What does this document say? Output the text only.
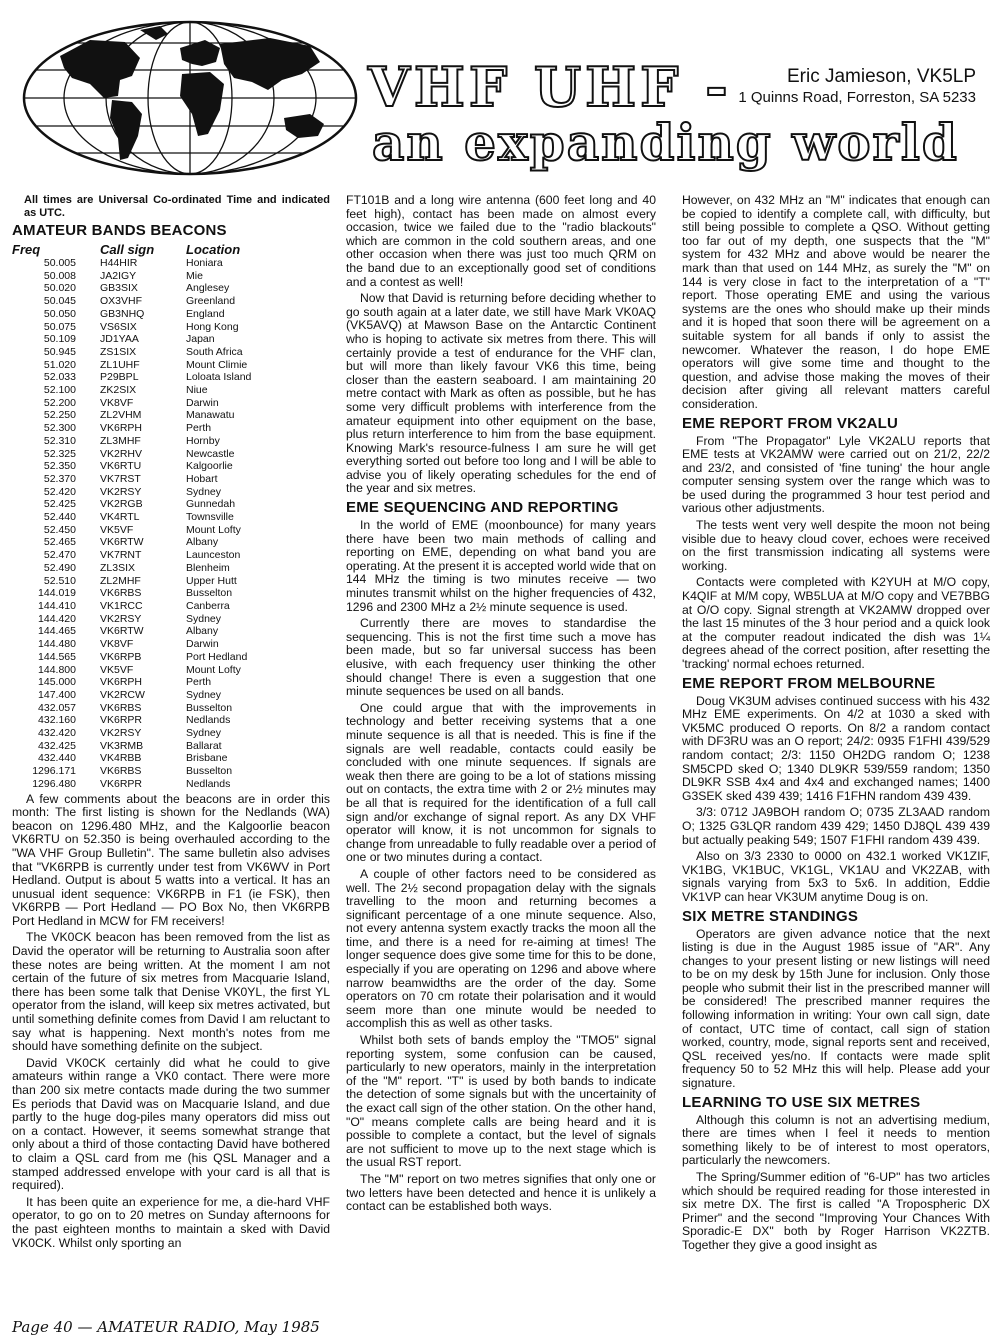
VHF UHF -
an expanding world
Eric Jamieson, VK5LP
1 Quinns Road, Forreston, SA 5233
All times are Universal Co-ordinated Time and indicated as UTC.
AMATEUR BANDS BEACONS
Freq	Call sign	Location
50.005	H44HIR	Honiara
50.008	JA2IGY	Mie
50.020	GB3SIX	Anglesey
50.045	OX3VHF	Greenland
50.050	GB3NHQ	England
50.075	VS6SIX	Hong Kong
50.109	JD1YAA	Japan
50.945	ZS1SIX	South Africa
51.020	ZL1UHF	Mount Climie
52.033	P29BPL	Loloata Island
52.100	ZK2SIX	Niue
52.200	VK8VF	Darwin
52.250	ZL2VHM	Manawatu
52.300	VK6RPH	Perth
52.310	ZL3MHF	Hornby
52.325	VK2RHV	Newcastle
52.350	VK6RTU	Kalgoorlie
52.370	VK7RST	Hobart
52.420	VK2RSY	Sydney
52.425	VK2RGB	Gunnedah
52.440	VK4RTL	Townsville
52.450	VK5VF	Mount Lofty
52.465	VK6RTW	Albany
52.470	VK7RNT	Launceston
52.490	ZL3SIX	Blenheim
52.510	ZL2MHF	Upper Hutt
144.019	VK6RBS	Busselton
144.410	VK1RCC	Canberra
144.420	VK2RSY	Sydney
144.465	VK6RTW	Albany
144.480	VK8VF	Darwin
144.565	VK6RPB	Port Hedland
144.800	VK5VF	Mount Lofty
145.000	VK6RPH	Perth
147.400	VK2RCW	Sydney
432.057	VK6RBS	Busselton
432.160	VK6RPR	Nedlands
432.420	VK2RSY	Sydney
432.425	VK3RMB	Ballarat
432.440	VK4RBB	Brisbane
1296.171	VK6RBS	Busselton
1296.480	VK6RPR	Nedlands

A few comments about the beacons are in order this month: The first listing is shown for the Nedlands (WA) beacon on 1296.480 MHz, and the Kalgoorlie beacon VK6RTU on 52.350 is being overhauled according to the "WA VHF Group Bulletin". The same bulletin also advises that "VK6RPB is currently under test from VK6WV in Port Hedland. Output is about 5 watts into a vertical. It has an unusual ident sequence: VK6RPB in F1 (ie FSK), then VK6RPB — Port Hedland — PO Box No, then VK6RPB Port Hedland in MCW for FM receivers!

The VK0CK beacon has been removed from the list as David the operator will be returning to Australia soon after these notes are being written. At the moment I am not certain of the future of six metres from Macquarie Island, there has been some talk that Denise VK0YL, the first YL operator from the island, will keep six metres activated, but until something definite comes from David I am reluctant to say what is happening. Next month's notes from me should have something definite on the subject.

David VK0CK certainly did what he could to give amateurs within range a VK0 contact. There were more than 200 six metre contacts made during the two summer Es periods that David was on Macquarie Island, and due partly to the huge dog-piles many operators did miss out on a contact. However, it seems somewhat strange that only about a third of those contacting David have bothered to claim a QSL card from me (his QSL Manager and a stamped addressed envelope with your card is all that is required).

It has been quite an experience for me, a die-hard VHF operator, to go on to 20 metres on Sunday afternoons for the past eighteen months to maintain a sked with David VK0CK. Whilst only sporting an

FT101B and a long wire antenna (600 feet long and 40 feet high), contact has been made on almost every occasion, twice we failed due to the "radio blackouts" which are common in the cold southern areas, and one other occasion when there was just too much QRM on the band due to an exceptionally good set of conditions and a contest as well!

Now that David is returning before deciding whether to go south again at a later date, we still have Mark VK0AQ (VK5AVQ) at Mawson Base on the Antarctic Continent who is hoping to activate six metres from there. This will certainly provide a test of endurance for the VHF clan, but will more than likely favour VK6 this time, being closer than the eastern seaboard. I am maintaining 20 metre contact with Mark as often as possible, but he has some very difficult problems with interference from the amateur equipment into other equipment on the base, plus return interference to him from the base equipment. Knowing Mark's resource-fulness I am sure he will get everything sorted out before too long and I will be able to advise you of likely operating schedules for the end of the year and six metres.

EME SEQUENCING AND REPORTING

In the world of EME (moonbounce) for many years there have been two main methods of calling and reporting on EME, depending on what band you are operating. At the present it is accepted world wide that on 144 MHz the timing is two minutes receive — two minutes transmit whilst on the higher frequencies of 432, 1296 and 2300 MHz a 2½ minute sequence is used.

Currently there are moves to standardise the sequencing. This is not the first time such a move has been made, but so far universal success has been elusive, with each frequency user thinking the other should change! There is even a suggestion that one minute sequences be used on all bands.

One could argue that with the improvements in technology and better receiving systems that a one minute sequence is all that is needed. This is fine if the signals are well readable, contacts could easily be concluded with one minute sequences. If signals are weak then there are going to be a lot of stations missing out on contacts, the extra time with 2 or 2½ minutes may be all that is required for the identification of a full call sign and/or exchange of signal report. As any DX VHF operator will know, it is not uncommon for signals to change from unreadable to fully readable over a period of one or two minutes during a contact.

A couple of other factors need to be considered as well. The 2½ second propagation delay with the signals travelling to the moon and returning becomes a significant percentage of a one minute sequence. Also, not every antenna system exactly tracks the moon all the time, and there is a need for re-aiming at times! The longer sequence does give some time for this to be done, especially if you are operating on 1296 and above where narrow beamwidths are the order of the day. Some operators on 70 cm rotate their polarisation and it would seem more than one minute would be needed to accomplish this as well as other tasks.

Whilst both sets of bands employ the "TMO5" signal reporting system, some confusion can be caused, particularly to new operators, mainly in the interpretation of the "M" report. "T" is used by both bands to indicate the detection of some signals but with the uncertainity of the exact call sign of the other station. On the other hand, "O" means complete calls are being heard and it is possible to complete a contact, but the level of signals are not sufficient to move up to the next stage which is the usual RST report.

The "M" report on two metres signifies that only one or two letters have been detected and hence it is unlikely a contact can be established both ways.

However, on 432 MHz an "M" indicates that enough can be copied to identify a complete call, with difficulty, but still being possible to complete a QSO. Without getting too far out of my depth, one suspects that the "M" system for 432 MHz and above would be nearer the mark than that used on 144 MHz, as surely the "M" on 144 is very close in fact to the interpretation of a "T" report. Those operating EME and using the various systems are the ones who should make up their minds and it is hoped that soon there will be agreement on a suitable system for all bands if only to assist the newcomer. Whatever the reason, I do hope EME operators will give some time and thought to the question, and advise those making the moves of their decision after giving all relevant matters careful consideration.

EME REPORT FROM VK2ALU

From "The Propagator" Lyle VK2ALU reports that EME tests at VK2AMW were carried out on 21/2, 22/2 and 23/2, and consisted of 'fine tuning' the hour angle computer sensing system over the range which was to be used during the programmed 3 hour test period and various other adjustments.

The tests went very well despite the moon not being visible due to heavy cloud cover, echoes were received on the first transmission indicating all systems were working.

Contacts were completed with K2YUH at M/O copy, K4QIF at M/M copy, WB5LUA at M/O copy and VE7BBG at O/O copy. Signal strength at VK2AMW dropped over the last 15 minutes of the 3 hour period and a quick look at the computer readout indicated the dish was 1¼ degrees ahead of the correct position, after resetting the 'tracking' normal echoes returned.

EME REPORT FROM MELBOURNE

Doug VK3UM advises continued success with his 432 MHz EME experiments. On 4/2 at 1030 a sked with VK5MC produced O reports. On 8/2 a random contact with DF3RU was an O report; 24/2: 0935 F1FHI 439/529 random contact; 2/3: 1150 OH2DG random O; 1238 SM5CPD sked O; 1340 DL9KR 539/559 random; 1350 DL9KR SSB 4x4 and 4x4 and exchanged names; 1400 G3SEK sked 439 439; 1416 F1FHN random 439 439.

3/3: 0712 JA9BOH random O; 0735 ZL3AAD random O; 1325 G3LQR random 439 429; 1450 DJ8QL 439 439 but actually peaking 549; 1507 F1FHI random 439 439.

Also on 3/3 2330 to 0000 on 432.1 worked VK1ZIF, VK1BG, VK1BUC, VK1GL, VK1AU and VK2ZAB, with signals varying from 5x3 to 5x6. In addition, Eddie VK1VP can hear VK3UM anytime Doug is on.

SIX METRE STANDINGS

Operators are given advance notice that the next listing is due in the August 1985 issue of "AR". Any changes to your present listing or new listings will need to be on my desk by 15th June for inclusion. Only those people who submit their list in the prescribed manner will be considered! The prescribed manner requires the following information in writing: Your own call sign, date of contact, UTC time of contact, call sign of station worked, country, mode, signal reports sent and received, QSL received yes/no. If contacts were made split frequency 50 to 52 MHz this will help. Please add your signature.

LEARNING TO USE SIX METRES

Although this column is not an advertising medium, there are times when I feel it needs to mention something likely to be of interest to most operators, particularly the newcomers.

The Spring/Summer edition of "6-UP" has two articles which should be required reading for those interested in six metre DX. The first is called "A Tropospheric DX Primer" and the second "Improving Your Chances With Sporadic-E DX" both by Roger Harrison VK2ZTB. Together they give a good insight as

Page 40 — AMATEUR RADIO, May 1985
